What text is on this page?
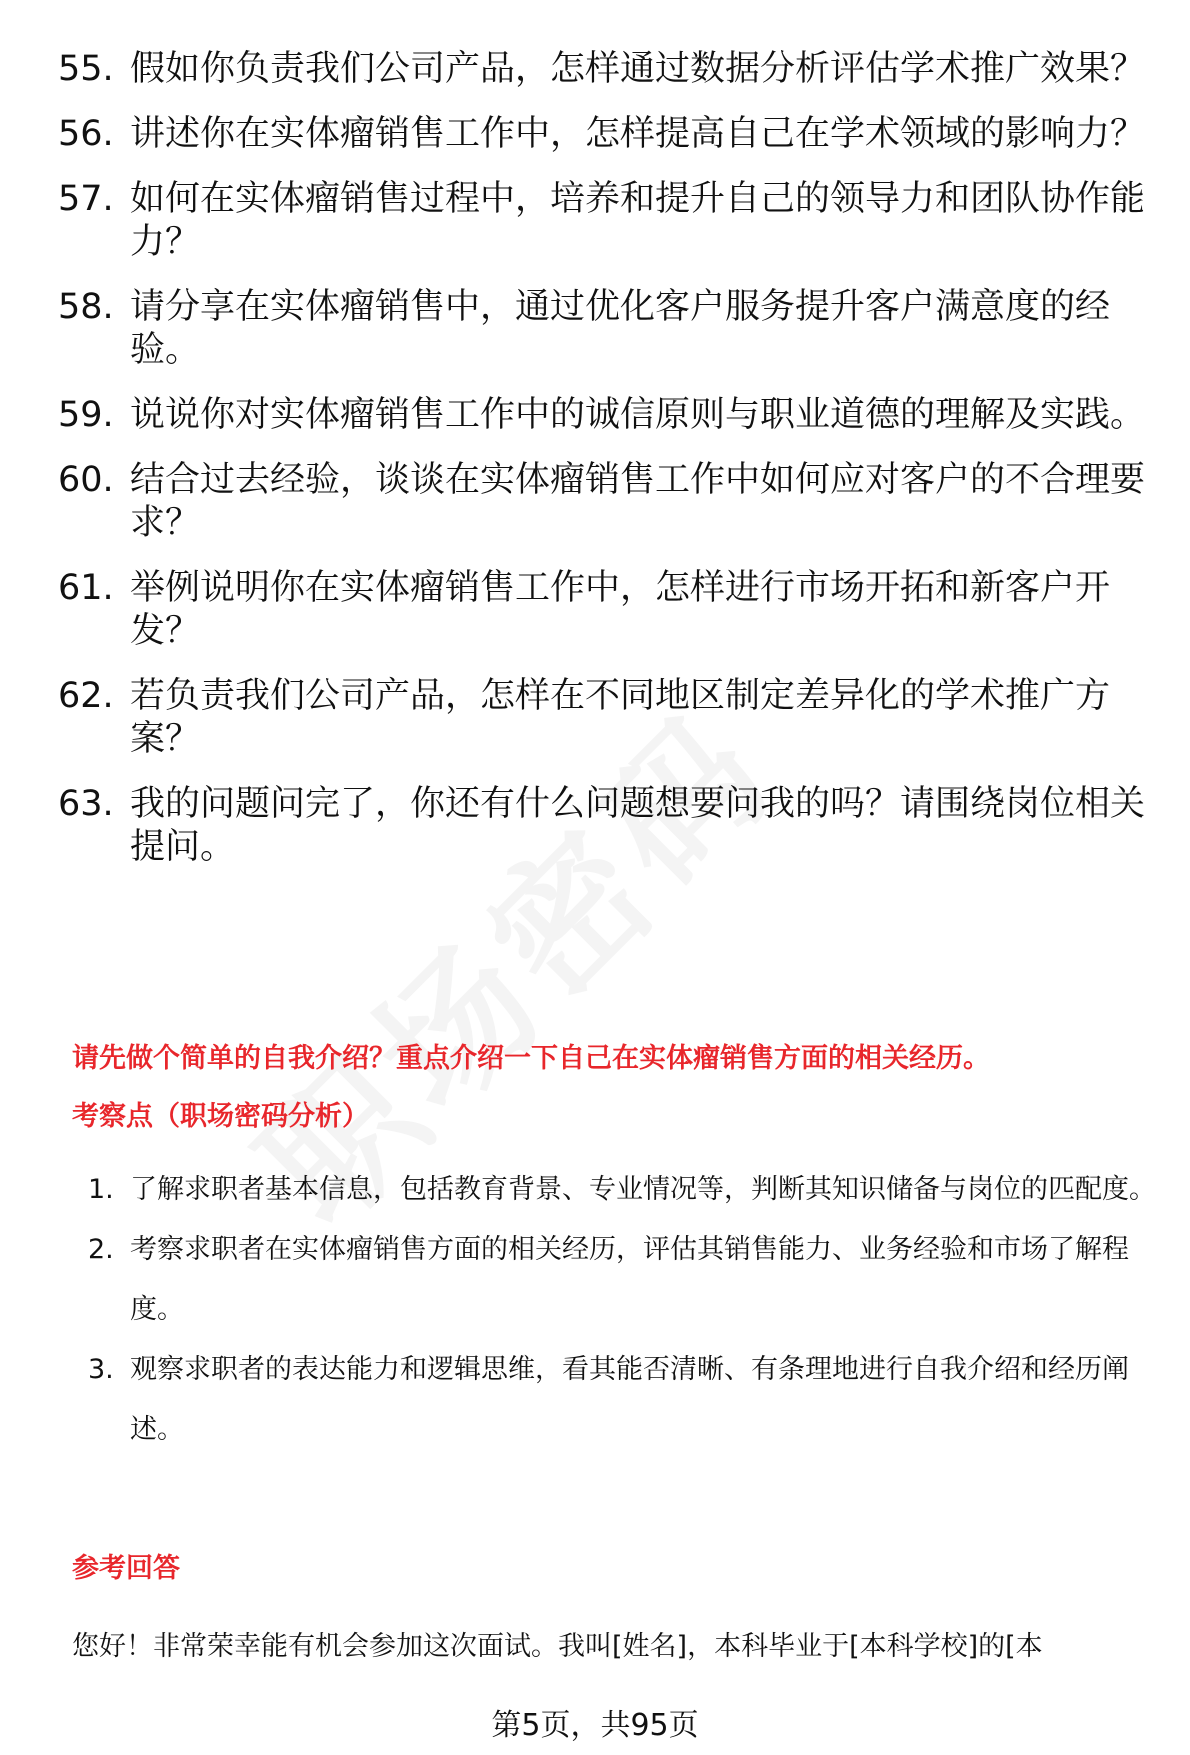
55. 假如你负责我们公司产品，怎样通过数据分析评估学术推广效果？
56. 讲述你在实体瘤销售工作中，怎样提高自己在学术领域的影响力？
57. 如何在实体瘤销售过程中，培养和提升自己的领导力和团队协作能力？
58. 请分享在实体瘤销售中，通过优化客户服务提升客户满意度的经验。
59. 说说你对实体瘤销售工作中的诚信原则与职业道德的理解及实践。
60. 结合过去经验，谈谈在实体瘤销售工作中如何应对客户的不合理要求？
61. 举例说明你在实体瘤销售工作中，怎样进行市场开拓和新客户开发？
62. 若负责我们公司产品，怎样在不同地区制定差异化的学术推广方案？
63. 我的问题问完了，你还有什么问题想要问我的吗？请围绕岗位相关提问。
请先做个简单的自我介绍？重点介绍一下自己在实体瘤销售方面的相关经历。
考察点（职场密码分析）
1. 了解求职者基本信息，包括教育背景、专业情况等，判断其知识储备与岗位的匹配度。
2. 考察求职者在实体瘤销售方面的相关经历，评估其销售能力、业务经验和市场了解程度。
3. 观察求职者的表达能力和逻辑思维，看其能否清晰、有条理地进行自我介绍和经历阐述。
参考回答
您好！非常荣幸能有机会参加这次面试。我叫[姓名]，本科毕业于[本科学校]的[本
第5页，共95页
